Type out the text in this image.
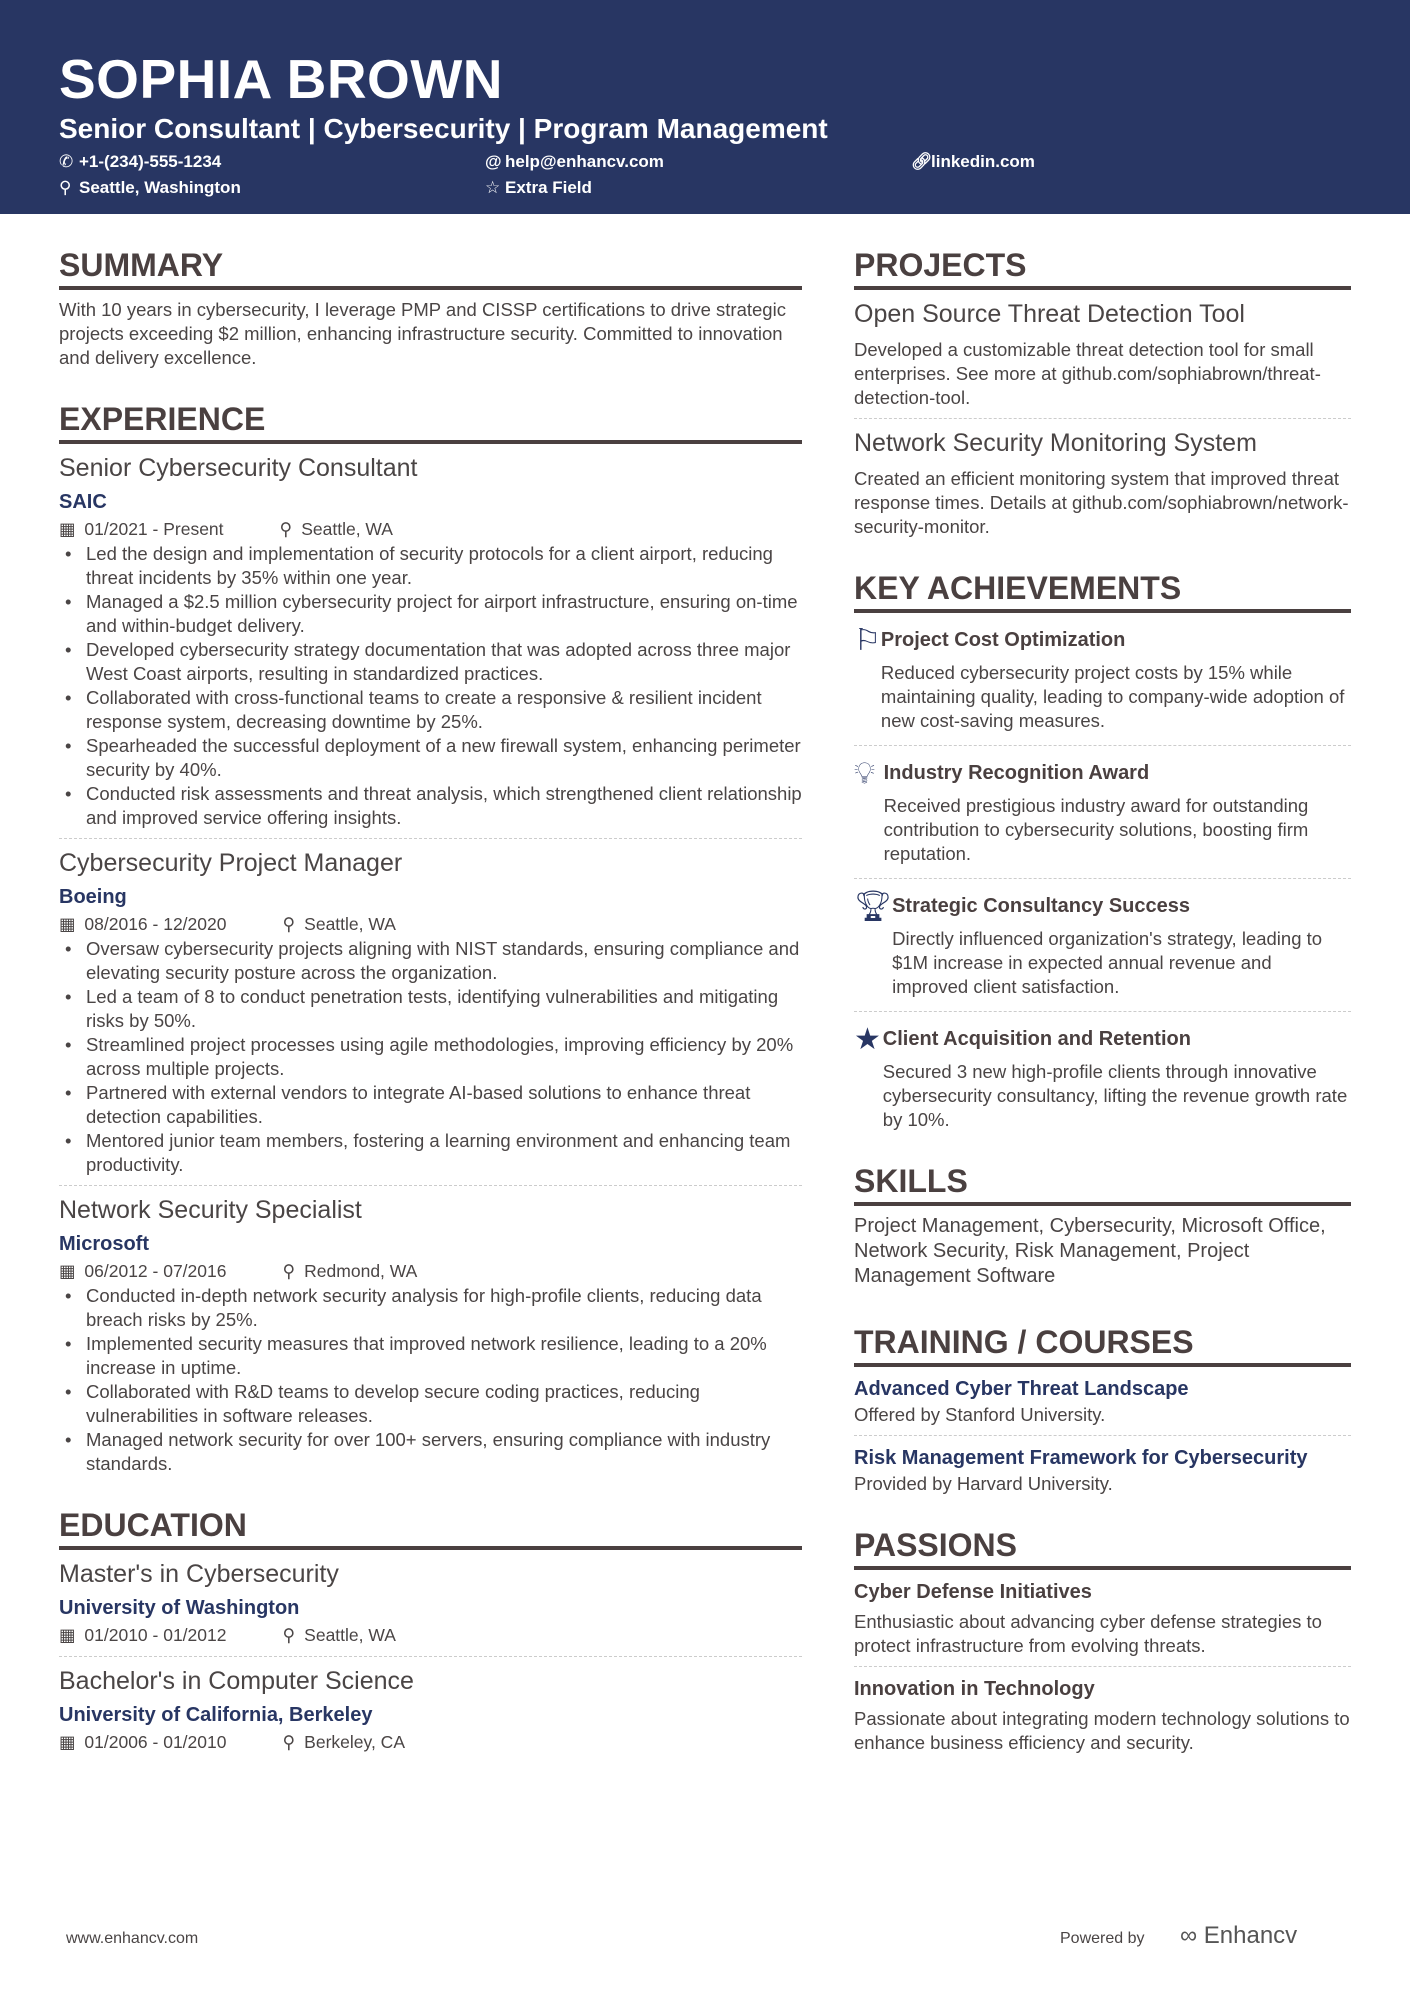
SOPHIA BROWN
Senior Consultant | Cybersecurity | Program Management
✆ +1-(234)-555-1234	@ help@enhancv.com	🔗︎linkedin.com
⚲ Seattle, Washington	☆ Extra Field
SUMMARY
With 10 years in cybersecurity, I leverage PMP and CISSP certifications to drive strategic projects exceeding $2 million, enhancing infrastructure security. Committed to innovation and delivery excellence.
EXPERIENCE
Senior Cybersecurity Consultant
SAIC
▦ 01/2021 - Present	⚲ Seattle, WA
• Led the design and implementation of security protocols for a client airport, reducing threat incidents by 35% within one year.
• Managed a $2.5 million cybersecurity project for airport infrastructure, ensuring on-time and within-budget delivery.
• Developed cybersecurity strategy documentation that was adopted across three major West Coast airports, resulting in standardized practices.
• Collaborated with cross-functional teams to create a responsive & resilient incident response system, decreasing downtime by 25%.
• Spearheaded the successful deployment of a new firewall system, enhancing perimeter security by 40%.
• Conducted risk assessments and threat analysis, which strengthened client relationship and improved service offering insights.
Cybersecurity Project Manager
Boeing
▦ 08/2016 - 12/2020	⚲ Seattle, WA
• Oversaw cybersecurity projects aligning with NIST standards, ensuring compliance and elevating security posture across the organization.
• Led a team of 8 to conduct penetration tests, identifying vulnerabilities and mitigating risks by 50%.
• Streamlined project processes using agile methodologies, improving efficiency by 20% across multiple projects.
• Partnered with external vendors to integrate AI-based solutions to enhance threat detection capabilities.
• Mentored junior team members, fostering a learning environment and enhancing team productivity.
Network Security Specialist
Microsoft
▦ 06/2012 - 07/2016	⚲ Redmond, WA
• Conducted in-depth network security analysis for high-profile clients, reducing data breach risks by 25%.
• Implemented security measures that improved network resilience, leading to a 20% increase in uptime.
• Collaborated with R&D teams to develop secure coding practices, reducing vulnerabilities in software releases.
• Managed network security for over 100+ servers, ensuring compliance with industry standards.
EDUCATION
Master's in Cybersecurity
University of Washington
▦ 01/2010 - 01/2012	⚲ Seattle, WA
Bachelor's in Computer Science
University of California, Berkeley
▦ 01/2006 - 01/2010	⚲ Berkeley, CA
PROJECTS
Open Source Threat Detection Tool
Developed a customizable threat detection tool for small enterprises. See more at github.com/sophiabrown/threat-detection-tool.
Network Security Monitoring System
Created an efficient monitoring system that improved threat response times. Details at github.com/sophiabrown/network-security-monitor.
KEY ACHIEVEMENTS
⚐ Project Cost Optimization
Reduced cybersecurity project costs by 15% while maintaining quality, leading to company-wide adoption of new cost-saving measures.
💡︎ Industry Recognition Award
Received prestigious industry award for outstanding contribution to cybersecurity solutions, boosting firm reputation.
🏆︎ Strategic Consultancy Success
Directly influenced organization's strategy, leading to $1M increase in expected annual revenue and improved client satisfaction.
★ Client Acquisition and Retention
Secured 3 new high-profile clients through innovative cybersecurity consultancy, lifting the revenue growth rate by 10%.
SKILLS
Project Management, Cybersecurity, Microsoft Office, Network Security, Risk Management, Project Management Software
TRAINING / COURSES
Advanced Cyber Threat Landscape
Offered by Stanford University.
Risk Management Framework for Cybersecurity
Provided by Harvard University.
PASSIONS
Cyber Defense Initiatives
Enthusiastic about advancing cyber defense strategies to protect infrastructure from evolving threats.
Innovation in Technology
Passionate about integrating modern technology solutions to enhance business efficiency and security.
www.enhancv.com	Powered by ∞ Enhancv
